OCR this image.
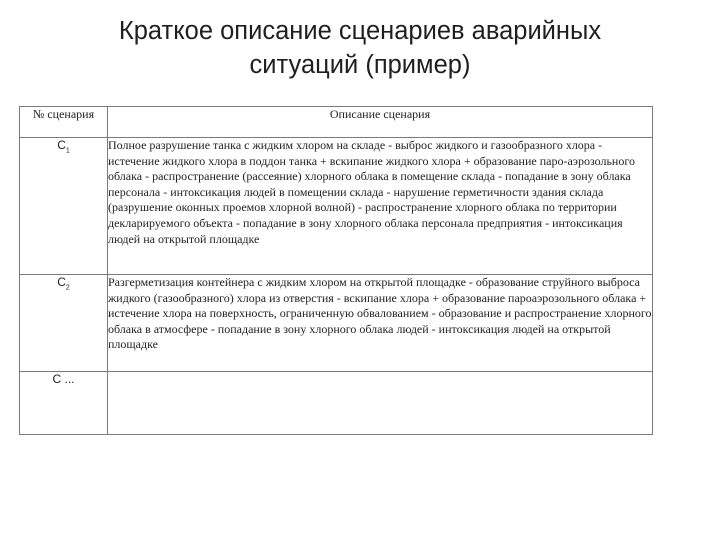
Краткое описание сценариев аварийных
ситуаций (пример)
№ сценария	Описание сценария
$С_1$	Полное разрушение танка с жидким хлором на складе - выброс жидкого и газообразного хлора - истечение жидкого хлора в поддон танка + вскипание жидкого хлора + образование паро-аэрозольного облака - распространение (рассеяние) хлорного облака в помещение склада - попадание в зону облака персонала - интоксикация людей в помещении склада - нарушение герметичности здания склада (разрушение оконных проемов хлорной волной) - распространение хлорного облака по территории декларируемого объекта - попадание в зону хлорного облака персонала предприятия - интоксикация людей на открытой площадке
$С_2$	Разгерметизация контейнера с жидким хлором на открытой площадке - образование струйного выброса жидкого (газообразного) хлора из отверстия - вскипание хлора + образование пароаэрозольного облака + истечение хлора на поверхность, ограниченную обвалованием - образование и распространение хлорного облака в атмосфере - попадание в зону хлорного облака людей - интоксикация людей на открытой площадке
С ...	
